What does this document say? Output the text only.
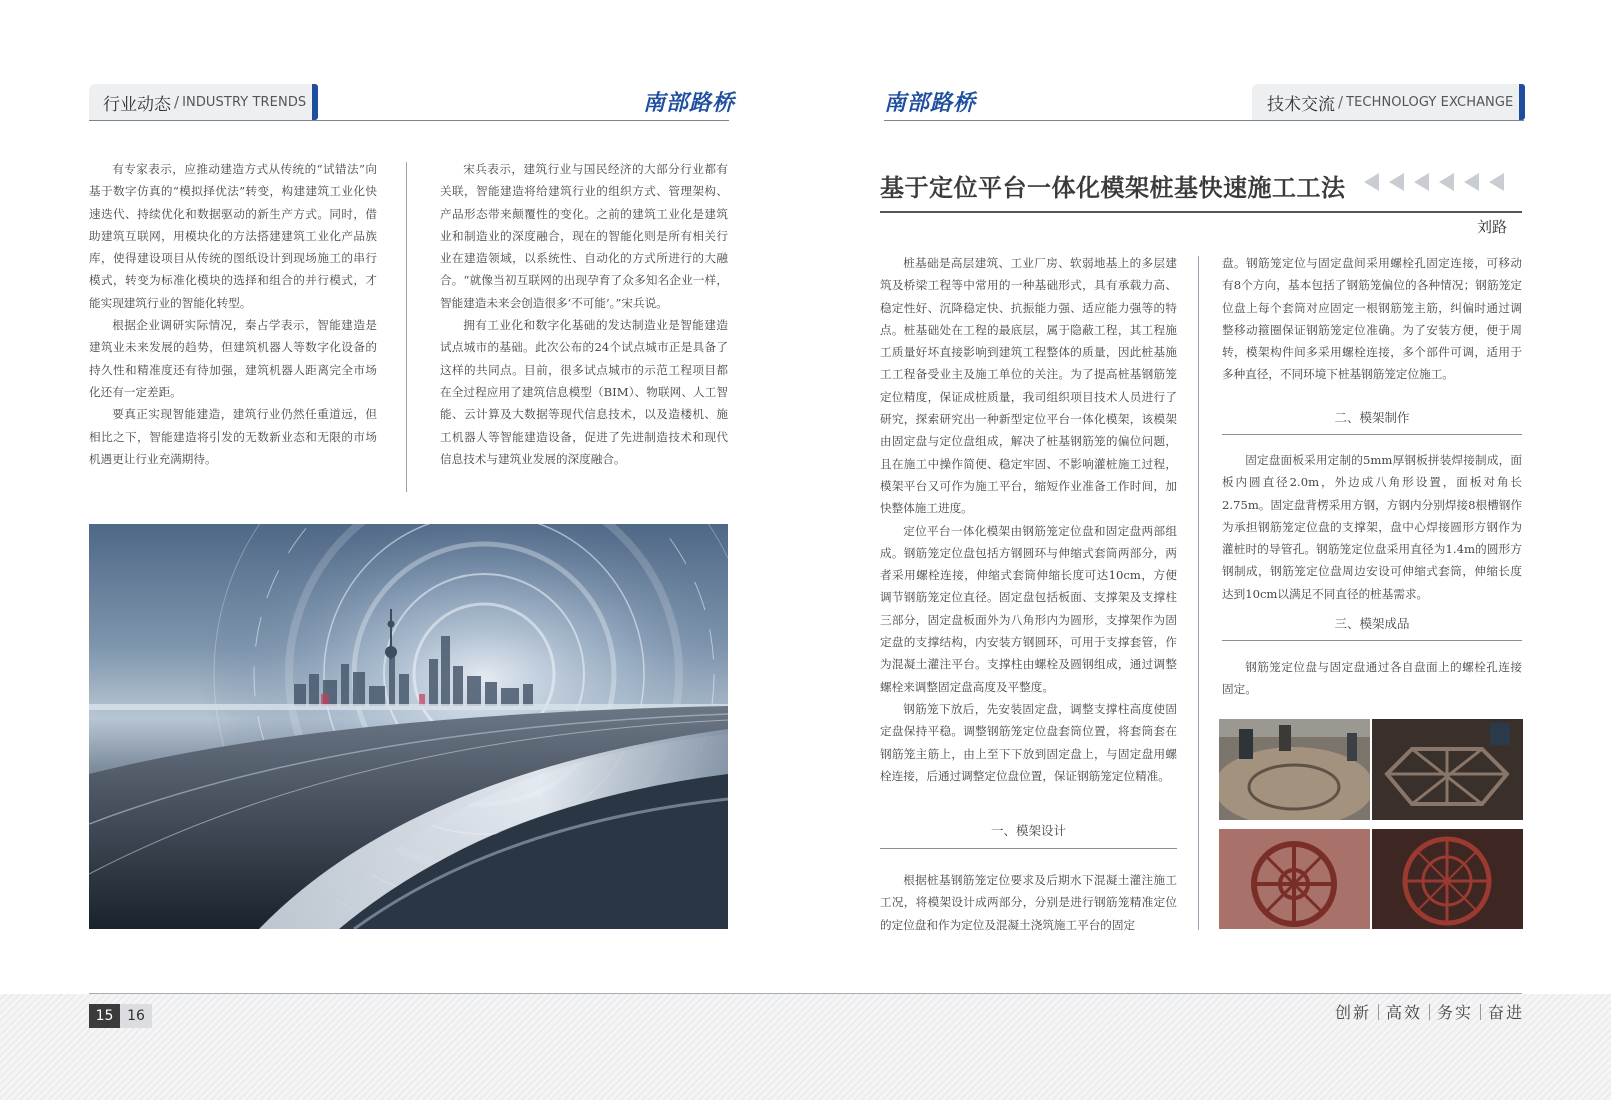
行业动态 / INDUSTRY TRENDS	南部路桥

有专家表示，应推动建造方式从传统的“试错法”向基于数字仿真的“模拟择优法”转变，构建建筑工业化快速迭代、持续优化和数据驱动的新生产方式。同时，借助建筑互联网，用模块化的方法搭建建筑工业化产品族库，使得建设项目从传统的图纸设计到现场施工的串行模式，转变为标准化模块的选择和组合的并行模式，才能实现建筑行业的智能化转型。

根据企业调研实际情况，秦占学表示，智能建造是建筑业未来发展的趋势，但建筑机器人等数字化设备的持久性和精准度还有待加强，建筑机器人距离完全市场化还有一定差距。

要真正实现智能建造，建筑行业仍然任重道远，但相比之下，智能建造将引发的无数新业态和无限的市场机遇更让行业充满期待。

宋兵表示，建筑行业与国民经济的大部分行业都有关联，智能建造将给建筑行业的组织方式、管理架构、产品形态带来颠覆性的变化。之前的建筑工业化是建筑业和制造业的深度融合，现在的智能化则是所有相关行业在建造领域，以系统性、自动化的方式所进行的大融合。“就像当初互联网的出现孕育了众多知名企业一样，智能建造未来会创造很多‘不可能’。”宋兵说。

拥有工业化和数字化基础的发达制造业是智能建造试点城市的基础。此次公布的24个试点城市正是具备了这样的共同点。目前，很多试点城市的示范工程项目都在全过程应用了建筑信息模型（BIM）、物联网、人工智能、云计算及大数据等现代信息技术，以及造楼机、施工机器人等智能建造设备，促进了先进制造技术和现代信息技术与建筑业发展的深度融合。

南部路桥	技术交流 / TECHNOLOGY EXCHANGE
基于定位平台一体化模架桩基快速施工工法
刘路

桩基础是高层建筑、工业厂房、软弱地基上的多层建筑及桥梁工程等中常用的一种基础形式，具有承载力高、稳定性好、沉降稳定快、抗振能力强、适应能力强等的特点。桩基础处在工程的最底层，属于隐蔽工程，其工程施工质量好坏直接影响到建筑工程整体的质量，因此桩基施工工程备受业主及施工单位的关注。为了提高桩基钢筋笼定位精度，保证成桩质量，我司组织项目技术人员进行了研究，探索研究出一种新型定位平台一体化模架，该模架由固定盘与定位盘组成，解决了桩基钢筋笼的偏位问题，且在施工中操作简便、稳定牢固、不影响灌桩施工过程，模架平台又可作为施工平台，缩短作业准备工作时间，加快整体施工进度。

定位平台一体化模架由钢筋笼定位盘和固定盘两部组成。钢筋笼定位盘包括方钢圆环与伸缩式套筒两部分，两者采用螺栓连接，伸缩式套筒伸缩长度可达10cm，方便调节钢筋笼定位直径。固定盘包括板面、支撑架及支撑柱三部分，固定盘板面外为八角形内为圆形，支撑架作为固定盘的支撑结构，内安装方钢圆环，可用于支撑套管，作为混凝土灌注平台。支撑柱由螺栓及圆钢组成，通过调整螺栓来调整固定盘高度及平整度。

钢筋笼下放后，先安装固定盘，调整支撑柱高度使固定盘保持平稳。调整钢筋笼定位盘套筒位置，将套筒套在钢筋笼主筋上，由上至下下放到固定盘上，与固定盘用螺栓连接，后通过调整定位盘位置，保证钢筋笼定位精准。

一、模架设计

根据桩基钢筋笼定位要求及后期水下混凝土灌注施工工况，将模架设计成两部分，分别是进行钢筋笼精准定位的定位盘和作为定位及混凝土浇筑施工平台的固定

盘。钢筋笼定位与固定盘间采用螺栓孔固定连接，可移动有8个方向，基本包括了钢筋笼偏位的各种情况；钢筋笼定位盘上每个套筒对应固定一根钢筋笼主筋，纠偏时通过调整移动箍圈保证钢筋笼定位准确。为了安装方便，便于周转，模架构件间多采用螺栓连接，多个部件可调，适用于多种直径，不同环境下桩基钢筋笼定位施工。

二、模架制作

固定盘面板采用定制的5mm厚钢板拼装焊接制成，面板内圆直径2.0m，外边成八角形设置，面板对角长2.75m。固定盘背楞采用方钢，方钢内分别焊接8根槽钢作为承担钢筋笼定位盘的支撑架，盘中心焊接圆形方钢作为灌桩时的导管孔。钢筋笼定位盘采用直径为1.4m的圆形方钢制成，钢筋笼定位盘周边安设可伸缩式套筒，伸缩长度达到10cm以满足不同直径的桩基需求。

三、模架成品

钢筋笼定位盘与固定盘通过各自盘面上的螺栓孔连接固定。

15 16	创新 高效 务实 奋进
